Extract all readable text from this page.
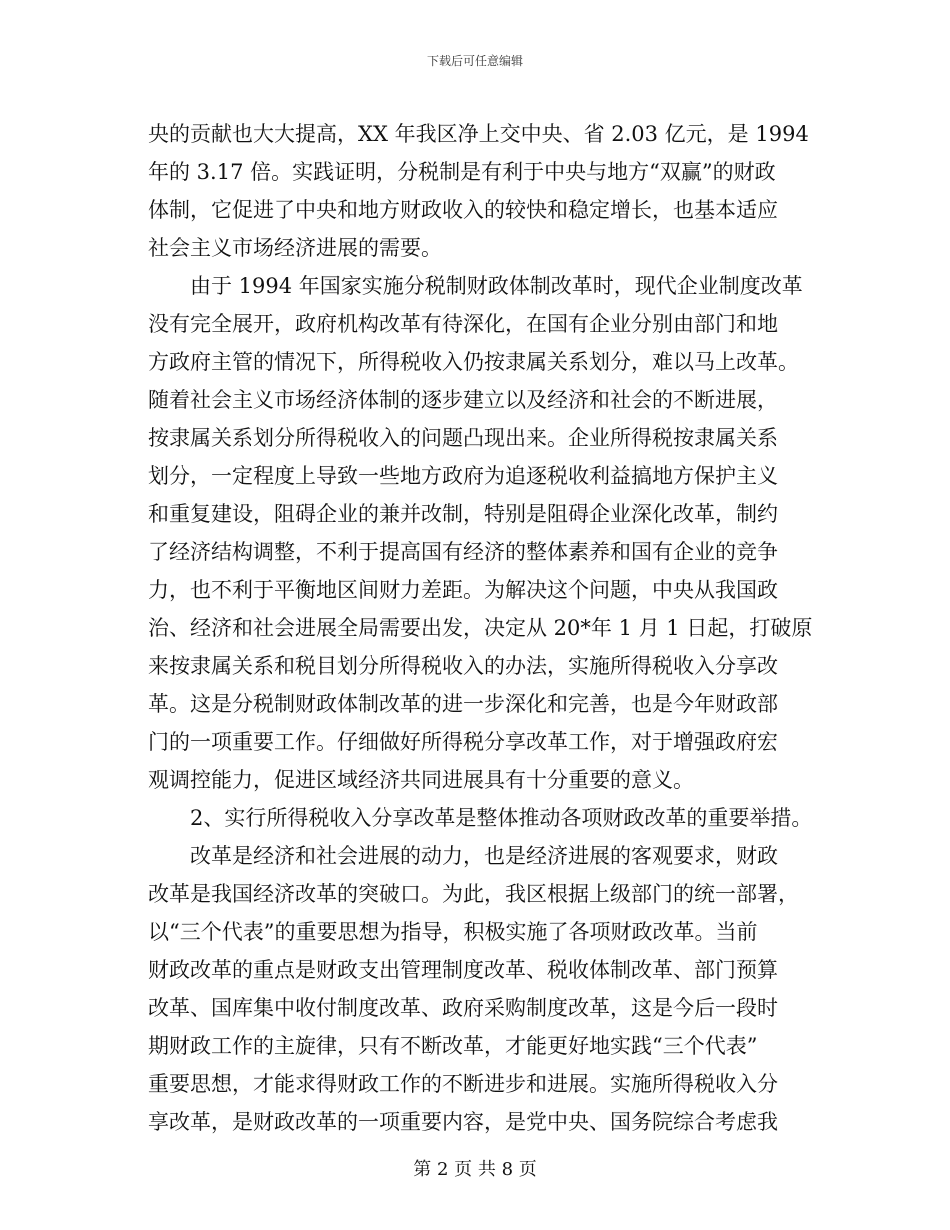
下载后可任意编辑
央的贡献也大大提高，XX 年我区净上交中央、省 2.03 亿元，是 1994
年的 3.17 倍。实践证明，分税制是有利于中央与地方“双赢”的财政
体制，它促进了中央和地方财政收入的较快和稳定增长，也基本适应
社会主义市场经济进展的需要。
由于 1994 年国家实施分税制财政体制改革时，现代企业制度改革
没有完全展开，政府机构改革有待深化，在国有企业分别由部门和地
方政府主管的情况下，所得税收入仍按隶属关系划分，难以马上改革。
随着社会主义市场经济体制的逐步建立以及经济和社会的不断进展，
按隶属关系划分所得税收入的问题凸现出来。企业所得税按隶属关系
划分，一定程度上导致一些地方政府为追逐税收利益搞地方保护主义
和重复建设，阻碍企业的兼并改制，特别是阻碍企业深化改革，制约
了经济结构调整，不利于提高国有经济的整体素养和国有企业的竞争
力，也不利于平衡地区间财力差距。为解决这个问题，中央从我国政
治、经济和社会进展全局需要出发，决定从 20*年 1 月 1 日起，打破原
来按隶属关系和税目划分所得税收入的办法，实施所得税收入分享改
革。这是分税制财政体制改革的进一步深化和完善，也是今年财政部
门的一项重要工作。仔细做好所得税分享改革工作，对于增强政府宏
观调控能力，促进区域经济共同进展具有十分重要的意义。
2、实行所得税收入分享改革是整体推动各项财政改革的重要举措。
改革是经济和社会进展的动力，也是经济进展的客观要求，财政
改革是我国经济改革的突破口。为此，我区根据上级部门的统一部署，
以“三个代表”的重要思想为指导，积极实施了各项财政改革。当前
财政改革的重点是财政支出管理制度改革、税收体制改革、部门预算
改革、国库集中收付制度改革、政府采购制度改革，这是今后一段时
期财政工作的主旋律，只有不断改革，才能更好地实践“三个代表”
重要思想，才能求得财政工作的不断进步和进展。实施所得税收入分
享改革，是财政改革的一项重要内容，是党中央、国务院综合考虑我
第 2 页 共 8 页
